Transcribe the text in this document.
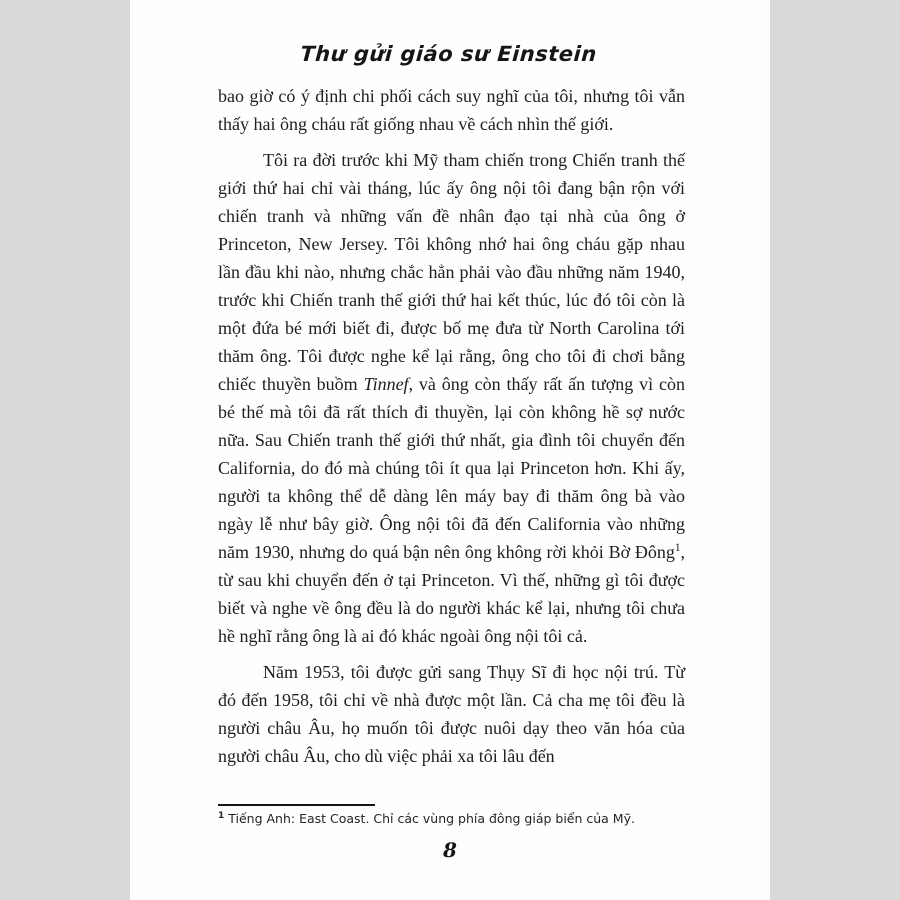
Thư gửi giáo sư Einstein

bao giờ có ý định chi phối cách suy nghĩ của tôi, nhưng tôi vẫn thấy hai ông cháu rất giống nhau về cách nhìn thế giới.

Tôi ra đời trước khi Mỹ tham chiến trong Chiến tranh thế giới thứ hai chỉ vài tháng, lúc ấy ông nội tôi đang bận rộn với chiến tranh và những vấn đề nhân đạo tại nhà của ông ở Princeton, New Jersey. Tôi không nhớ hai ông cháu gặp nhau lần đầu khi nào, nhưng chắc hẳn phải vào đầu những năm 1940, trước khi Chiến tranh thế giới thứ hai kết thúc, lúc đó tôi còn là một đứa bé mới biết đi, được bố mẹ đưa từ North Carolina tới thăm ông. Tôi được nghe kể lại rằng, ông cho tôi đi chơi bằng chiếc thuyền buồm Tinnef, và ông còn thấy rất ấn tượng vì còn bé thế mà tôi đã rất thích đi thuyền, lại còn không hề sợ nước nữa. Sau Chiến tranh thế giới thứ nhất, gia đình tôi chuyển đến California, do đó mà chúng tôi ít qua lại Princeton hơn. Khi ấy, người ta không thể dễ dàng lên máy bay đi thăm ông bà vào ngày lễ như bây giờ. Ông nội tôi đã đến California vào những năm 1930, nhưng do quá bận nên ông không rời khỏi Bờ Đông$^1$, từ sau khi chuyển đến ở tại Princeton. Vì thế, những gì tôi được biết và nghe về ông đều là do người khác kể lại, nhưng tôi chưa hề nghĩ rằng ông là ai đó khác ngoài ông nội tôi cả.

Năm 1953, tôi được gửi sang Thụy Sĩ đi học nội trú. Từ đó đến 1958, tôi chỉ về nhà được một lần. Cả cha mẹ tôi đều là người châu Âu, họ muốn tôi được nuôi dạy theo văn hóa của người châu Âu, cho dù việc phải xa tôi lâu đến

$^1$ Tiếng Anh: East Coast. Chỉ các vùng phía đông giáp biển của Mỹ.
8
